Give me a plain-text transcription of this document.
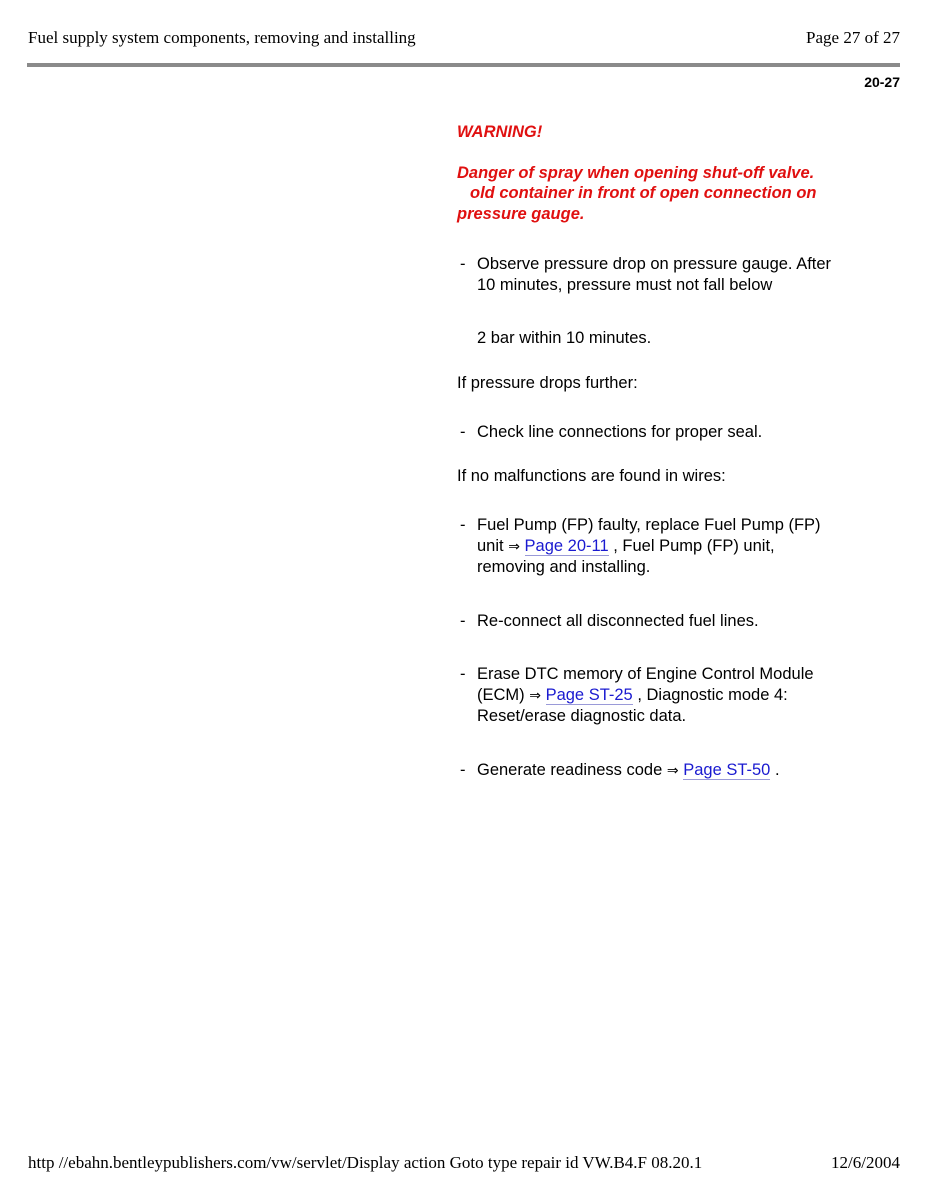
Fuel supply system components, removing and installing	Page 27 of 27
20-27

WARNING!

Danger of spray when opening shut-off valve.
old container in front of open connection on
pressure gauge.
- Observe pressure drop on pressure gauge. After
10 minutes, pressure must not fall below

2 bar within 10 minutes.

If pressure drops further:

- Check line connections for proper seal.

If no malfunctions are found in wires:

- Fuel Pump (FP) faulty, replace Fuel Pump (FP)
unit ⇒ Page 20-11 , Fuel Pump (FP) unit,
removing and installing.
- Re-connect all disconnected fuel lines.
- Erase DTC memory of Engine Control Module
(ECM) ⇒ Page ST-25 , Diagnostic mode 4:
Reset/erase diagnostic data.
- Generate readiness code ⇒ Page ST-50 .
http //ebahn.bentleypublishers.com/vw/servlet/Display action Goto type repair id VW.B4.F 08.20.1	12/6/2004
